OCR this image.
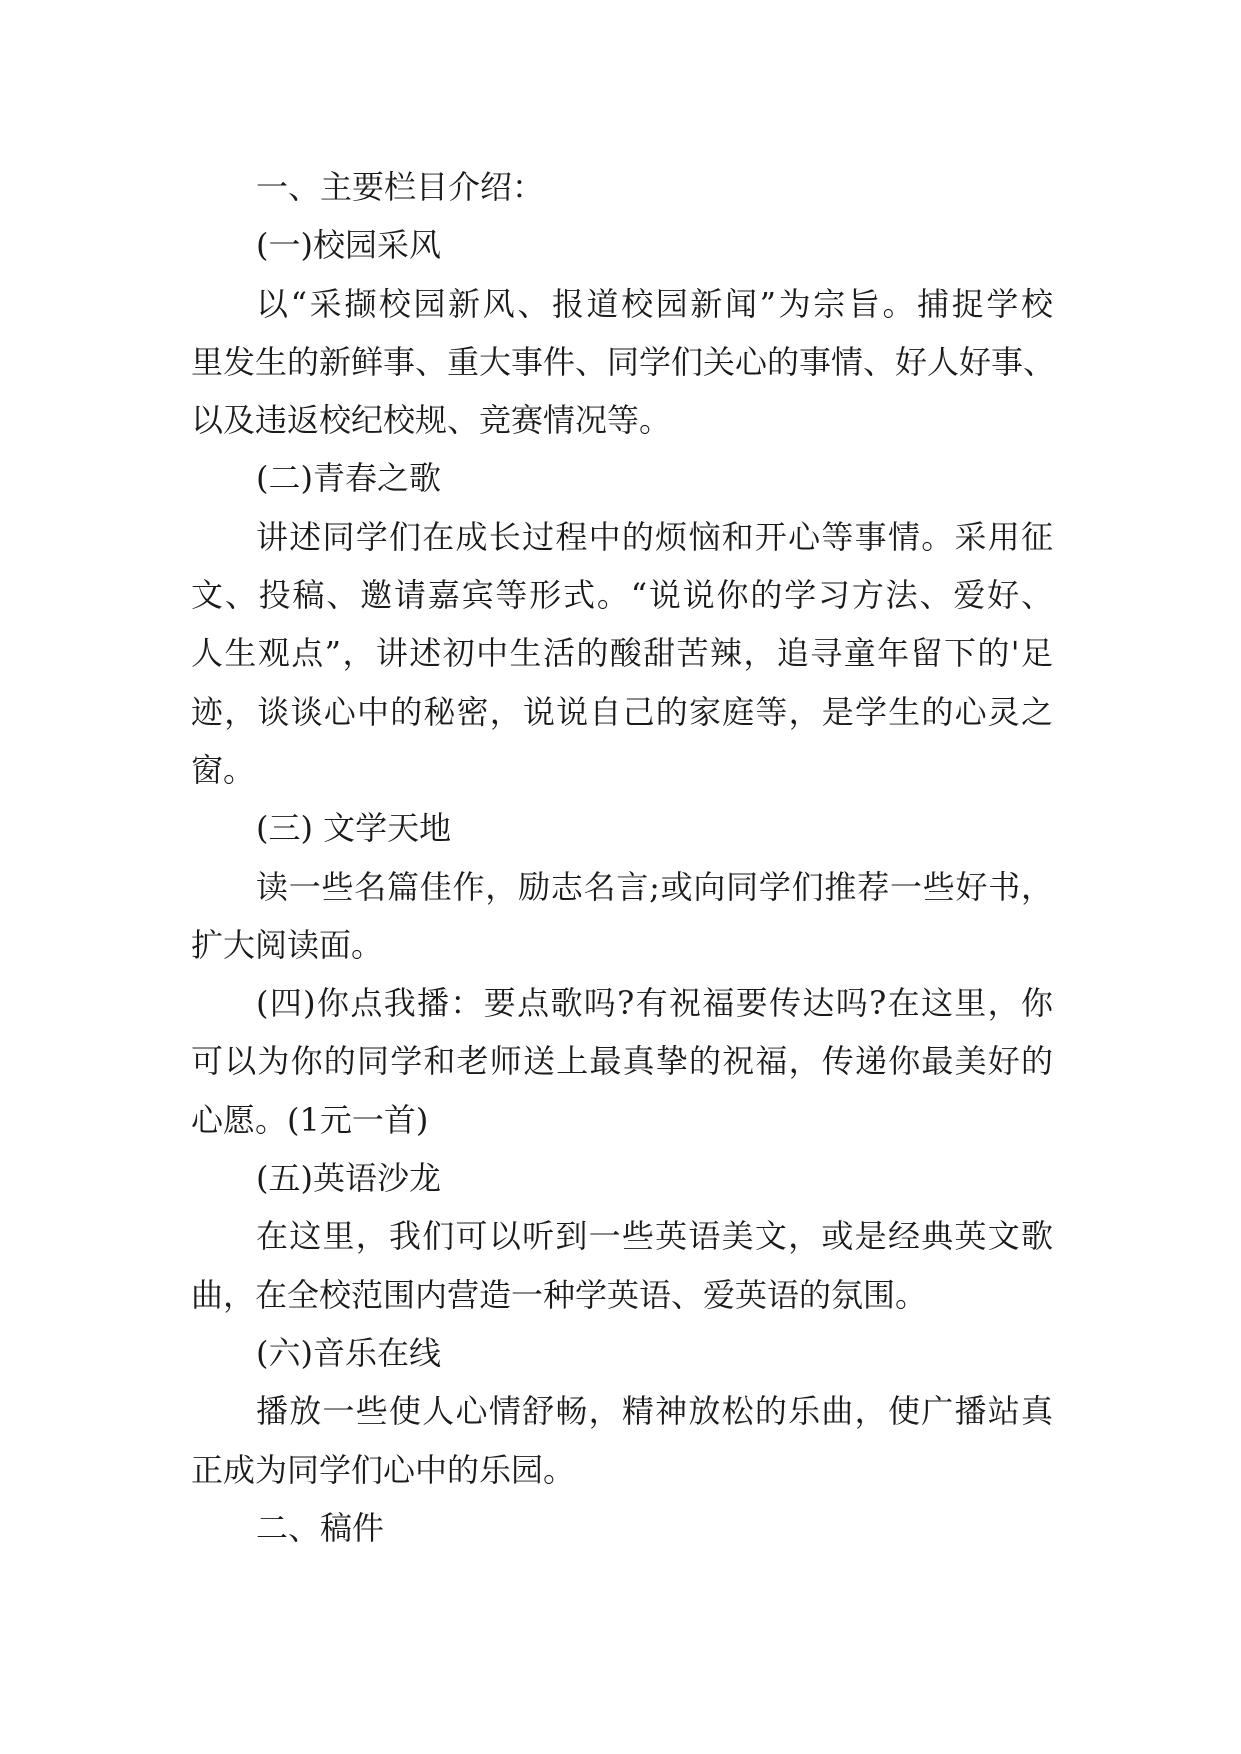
一、主要栏目介绍：
(一)校园采风
以“采撷校园新风、报道校园新闻”为宗旨。捕捉学校
里发生的新鲜事、重大事件、同学们关心的事情、好人好事、
以及违返校纪校规、竞赛情况等。
(二)青春之歌
讲述同学们在成长过程中的烦恼和开心等事情。采用征
文、投稿、邀请嘉宾等形式。“说说你的学习方法、爱好、
人生观点”，讲述初中生活的酸甜苦辣，追寻童年留下的'足
迹，谈谈心中的秘密，说说自己的家庭等，是学生的心灵之
窗。
(三) 文学天地
读一些名篇佳作，励志名言;或向同学们推荐一些好书，
扩大阅读面。
(四)你点我播：要点歌吗?有祝福要传达吗?在这里，你
可以为你的同学和老师送上最真挚的祝福，传递你最美好的
心愿。(1元一首)
(五)英语沙龙
在这里，我们可以听到一些英语美文，或是经典英文歌
曲，在全校范围内营造一种学英语、爱英语的氛围。
(六)音乐在线
播放一些使人心情舒畅，精神放松的乐曲，使广播站真
正成为同学们心中的乐园。
二、稿件
